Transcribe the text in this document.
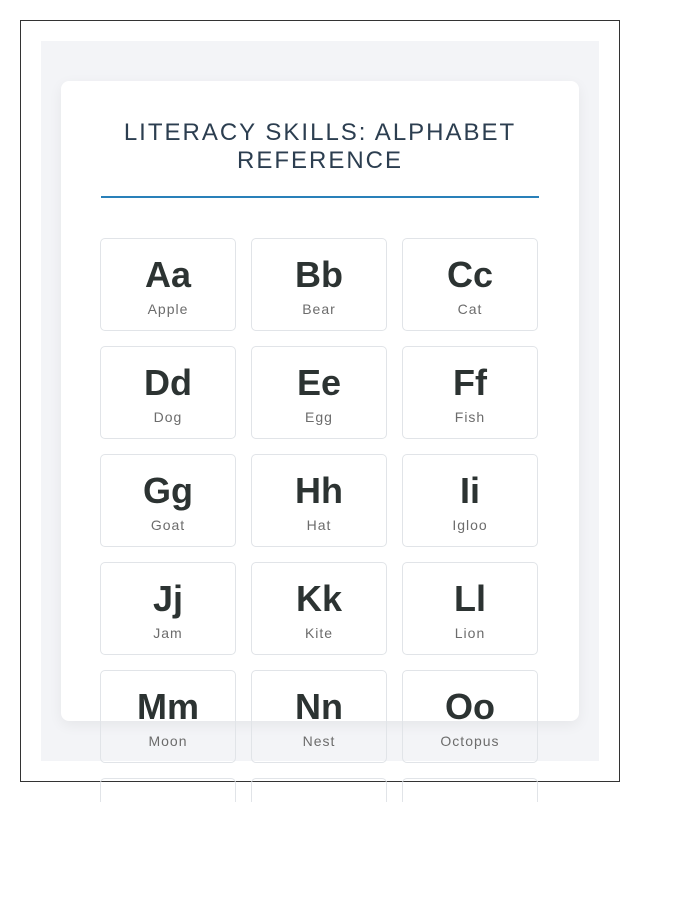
LITERACY SKILLS: ALPHABET REFERENCE
Aa
Apple
Bb
Bear
Cc
Cat
Dd
Dog
Ee
Egg
Ff
Fish
Gg
Goat
Hh
Hat
Ii
Igloo
Jj
Jam
Kk
Kite
Ll
Lion
Mm
Moon
Nn
Nest
Oo
Octopus
